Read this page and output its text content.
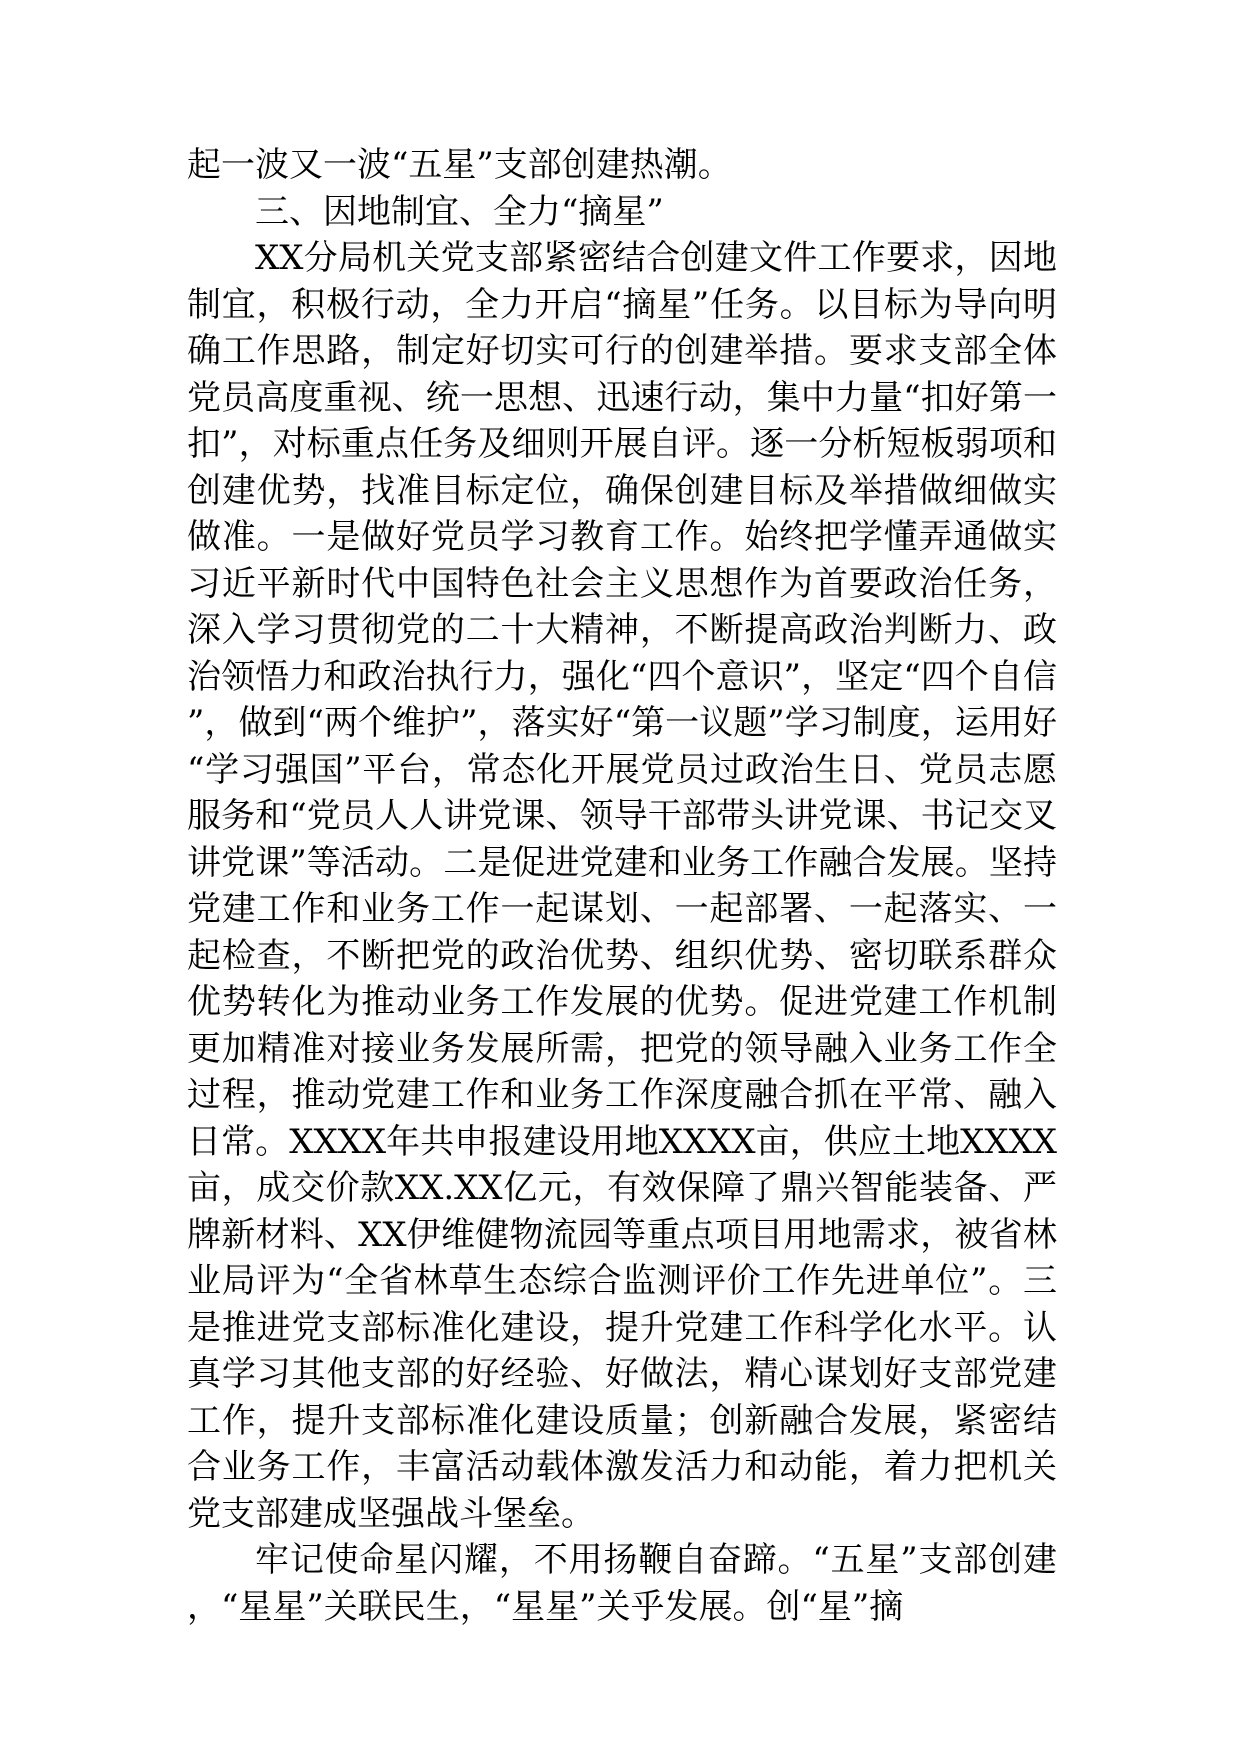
起一波又一波“五星”支部创建热潮。

三、因地制宜、全力“摘星”

XX分局机关党支部紧密结合创建文件工作要求，因地制宜，积极行动，全力开启“摘星”任务。以目标为导向明确工作思路，制定好切实可行的创建举措。要求支部全体党员高度重视、统一思想、迅速行动，集中力量“扣好第一扣”，对标重点任务及细则开展自评。逐一分析短板弱项和创建优势，找准目标定位，确保创建目标及举措做细做实做准。一是做好党员学习教育工作。始终把学懂弄通做实习近平新时代中国特色社会主义思想作为首要政治任务，深入学习贯彻党的二十大精神，不断提高政治判断力、政治领悟力和政治执行力，强化“四个意识”，坚定“四个自信”，做到“两个维护”，落实好“第一议题”学习制度，运用好“学习强国”平台，常态化开展党员过政治生日、党员志愿服务和“党员人人讲党课、领导干部带头讲党课、书记交叉讲党课”等活动。二是促进党建和业务工作融合发展。坚持党建工作和业务工作一起谋划、一起部署、一起落实、一起检查，不断把党的政治优势、组织优势、密切联系群众优势转化为推动业务工作发展的优势。促进党建工作机制更加精准对接业务发展所需，把党的领导融入业务工作全过程，推动党建工作和业务工作深度融合抓在平常、融入日常。XXXX年共申报建设用地XXXX亩，供应土地XXXX亩，成交价款XX.XX亿元，有效保障了鼎兴智能装备、严牌新材料、XX伊维健物流园等重点项目用地需求，被省林业局评为“全省林草生态综合监测评价工作先进单位”。三是推进党支部标准化建设，提升党建工作科学化水平。认真学习其他支部的好经验、好做法，精心谋划好支部党建工作，提升支部标准化建设质量；创新融合发展，紧密结合业务工作，丰富活动载体激发活力和动能，着力把机关党支部建成坚强战斗堡垒。

牢记使命星闪耀，不用扬鞭自奋蹄。“五星”支部创建，“星星”关联民生，“星星”关乎发展。创“星”摘
